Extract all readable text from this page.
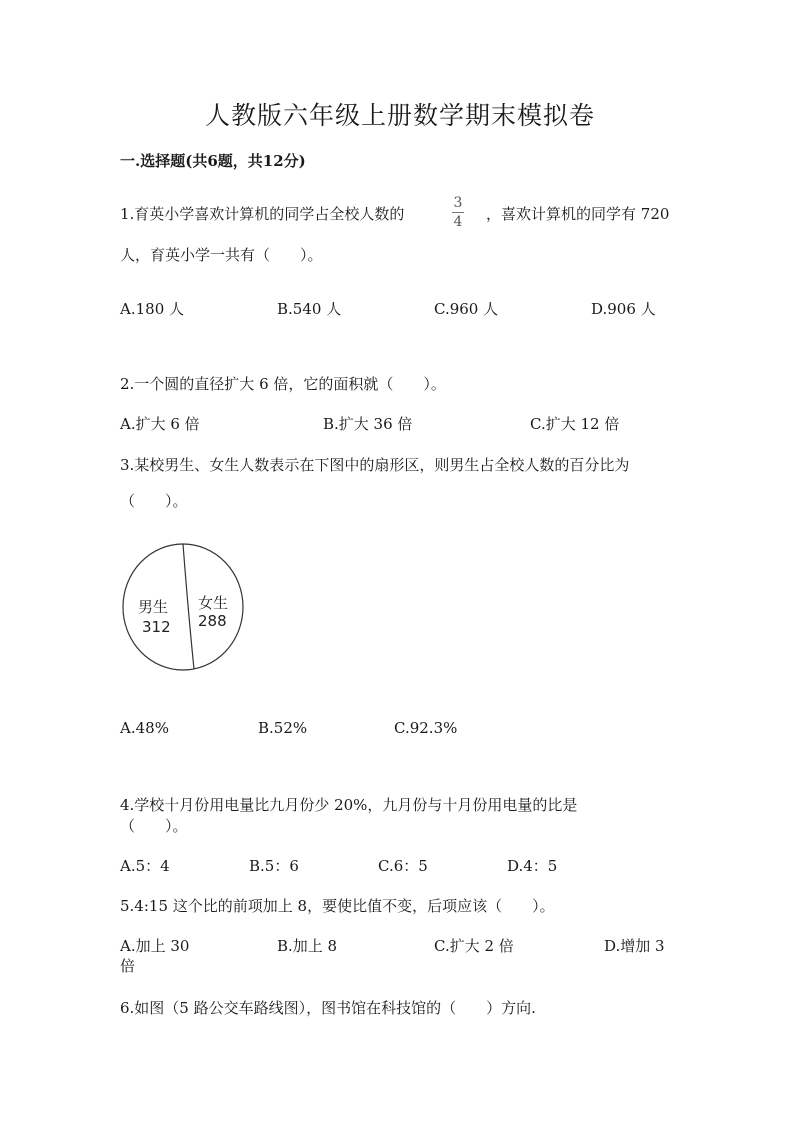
人教版六年级上册数学期末模拟卷
一.选择题(共6题，共12分)
1.育英小学喜欢计算机的同学占全校人数的
3
4	，喜欢计算机的同学有 720
人，育英小学一共有（　　）。
A.180 人	B.540 人	C.960 人	D.906 人
2.一个圆的直径扩大 6 倍，它的面积就（　　）。
A.扩大 6 倍	B.扩大 36 倍	C.扩大 12 倍
3.某校男生、女生人数表示在下图中的扇形区，则男生占全校人数的百分比为
（　　）。
男生
312
女生
288
A.48%	B.52%	C.92.3%
4.学校十月份用电量比九月份少 20%，九月份与十月份用电量的比是
（　　）。
A.5：4	B.5：6	C.6：5	D.4：5
5.4:15 这个比的前项加上 8，要使比值不变，后项应该（　　）。
A.加上 30	B.加上 8	C.扩大 2 倍	D.增加 3
倍
6.如图（5 路公交车路线图），图书馆在科技馆的（　　）方向.
